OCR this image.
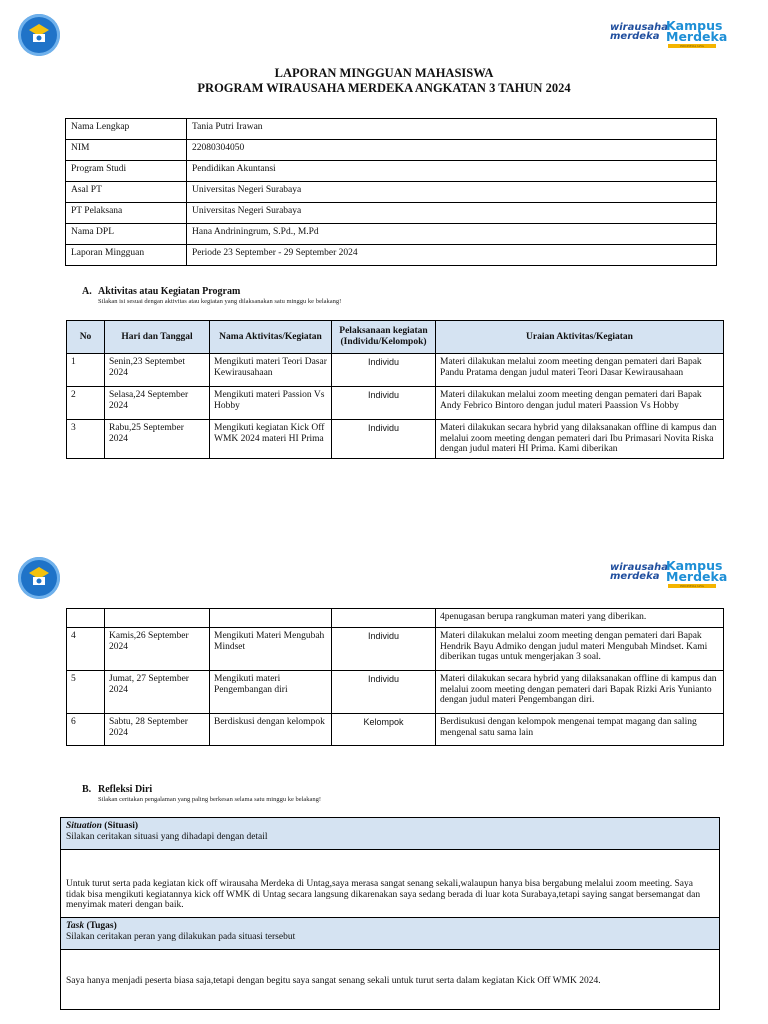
wirausaha
merdeka
Kampus
Merdeka
INDONESIA JAYA
LAPORAN MINGGUAN MAHASISWA
PROGRAM WIRAUSAHA MERDEKA ANGKATAN 3 TAHUN 2024
Nama Lengkap	Tania Putri Irawan
NIM	22080304050
Program Studi	Pendidikan Akuntansi
Asal PT	Universitas Negeri Surabaya
PT Pelaksana	Universitas Negeri Surabaya
Nama DPL	Hana Andriningrum, S.Pd., M.Pd
Laporan Mingguan	Periode 23 September - 29 September 2024
A. Aktivitas atau Kegiatan Program
Silakan isi sesuai dengan aktivitas atau kegiatan yang dilaksanakan satu minggu ke belakang!
No	Hari dan Tanggal	Nama Aktivitas/Kegiatan	Pelaksanaan kegiatan (Individu/Kelompok)	Uraian Aktivitas/Kegiatan
1	Senin,23 Septembet 2024	Mengikuti materi Teori Dasar Kewirausahaan	Individu	Materi dilakukan melalui zoom meeting dengan pemateri dari Bapak Pandu Pratama dengan judul materi Teori Dasar Kewirausahaan
2	Selasa,24 September 2024	Mengikuti materi Passion Vs Hobby	Individu	Materi dilakukan melalui zoom meeting dengan pemateri dari Bapak Andy Febrico Bintoro dengan judul materi Paassion Vs Hobby
3	Rabu,25 September 2024	Mengikuti kegiatan Kick Off WMK 2024 materi HI Prima	Individu	Materi dilakukan secara hybrid yang dilaksanakan offline di kampus dan melalui zoom meeting dengan pemateri dari Ibu Primasari Novita Riska dengan judul materi HI Prima. Kami diberikan
wirausaha
merdeka
Kampus
Merdeka
INDONESIA JAYA
				4penugasan berupa rangkuman materi yang diberikan.
4	Kamis,26 September 2024	Mengikuti Materi Mengubah Mindset	Individu	Materi dilakukan melalui zoom meeting dengan pemateri dari Bapak Hendrik Bayu Admiko dengan judul materi Mengubah Mindset. Kami diberikan tugas untuk mengerjakan 3 soal.
5	Jumat, 27 September 2024	Mengikuti materi Pengembangan diri	Individu	Materi dilakukan secara hybrid yang dilaksanakan offline di kampus dan melalui zoom meeting dengan pemateri dari Bapak Rizki Aris Yunianto dengan judul materi Pengembangan diri.
6	Sabtu, 28 September 2024	Berdiskusi dengan kelompok	Kelompok	Berdisukusi dengan kelompok mengenai tempat magang dan saling mengenal satu sama lain
B. Refleksi Diri
Silakan ceritakan pengalaman yang paling berkesan selama satu minggu ke belakang!
Situation (Situasi)
Silakan ceritakan situasi yang dihadapi dengan detail
Untuk turut serta pada kegiatan kick off wirausaha Merdeka di Untag,saya merasa sangat senang sekali,walaupun hanya bisa bergabung melalui zoom meeting. Saya tidak bisa mengikuti kegiatannya kick off WMK di Untag secara langsung dikarenakan saya sedang berada di luar kota Surabaya,tetapi saying sangat bersemangat dan menyimak materi dengan baik.
Task (Tugas)
Silakan ceritakan peran yang dilakukan pada situasi tersebut
Saya hanya menjadi peserta biasa saja,tetapi dengan begitu saya sangat senang sekali untuk turut serta dalam kegiatan Kick Off WMK 2024.
